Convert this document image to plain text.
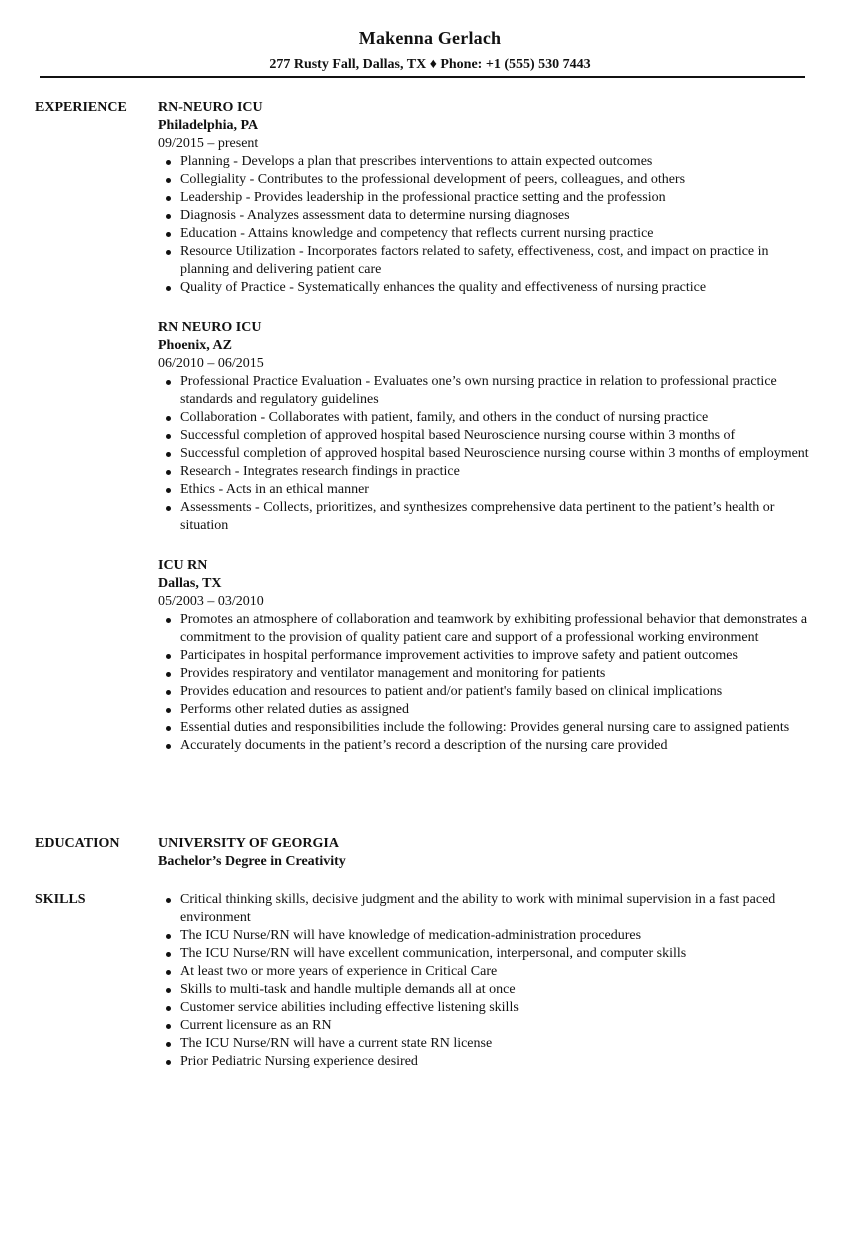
Makenna Gerlach
277 Rusty Fall, Dallas, TX ♦ Phone: +1 (555) 530 7443
EXPERIENCE RN-NEURO ICU
Philadelphia, PA
09/2015 – present
Planning - Develops a plan that prescribes interventions to attain expected outcomes
Collegiality - Contributes to the professional development of peers, colleagues, and others
Leadership - Provides leadership in the professional practice setting and the profession
Diagnosis - Analyzes assessment data to determine nursing diagnoses
Education - Attains knowledge and competency that reflects current nursing practice
Resource Utilization - Incorporates factors related to safety, effectiveness, cost, and impact on practice in planning and delivering patient care
Quality of Practice - Systematically enhances the quality and effectiveness of nursing practice
RN NEURO ICU
Phoenix, AZ
06/2010 – 06/2015
Professional Practice Evaluation - Evaluates one’s own nursing practice in relation to professional practice standards and regulatory guidelines
Collaboration - Collaborates with patient, family, and others in the conduct of nursing practice
Successful completion of approved hospital based Neuroscience nursing course within 3 months of
Successful completion of approved hospital based Neuroscience nursing course within 3 months of employment
Research - Integrates research findings in practice
Ethics - Acts in an ethical manner
Assessments - Collects, prioritizes, and synthesizes comprehensive data pertinent to the patient’s health or situation
ICU RN
Dallas, TX
05/2003 – 03/2010
Promotes an atmosphere of collaboration and teamwork by exhibiting professional behavior that demonstrates a commitment to the provision of quality patient care and support of a professional working environment
Participates in hospital performance improvement activities to improve safety and patient outcomes
Provides respiratory and ventilator management and monitoring for patients
Provides education and resources to patient and/or patient's family based on clinical implications
Performs other related duties as assigned
Essential duties and responsibilities include the following: Provides general nursing care to assigned patients
Accurately documents in the patient’s record a description of the nursing care provided
EDUCATION	UNIVERSITY OF GEORGIA
Bachelor’s Degree in Creativity
SKILLS	Critical thinking skills, decisive judgment and the ability to work with minimal supervision in a fast paced environment
The ICU Nurse/RN will have knowledge of medication-administration procedures
The ICU Nurse/RN will have excellent communication, interpersonal, and computer skills
At least two or more years of experience in Critical Care
Skills to multi-task and handle multiple demands all at once
Customer service abilities including effective listening skills
Current licensure as an RN
The ICU Nurse/RN will have a current state RN license
Prior Pediatric Nursing experience desired
